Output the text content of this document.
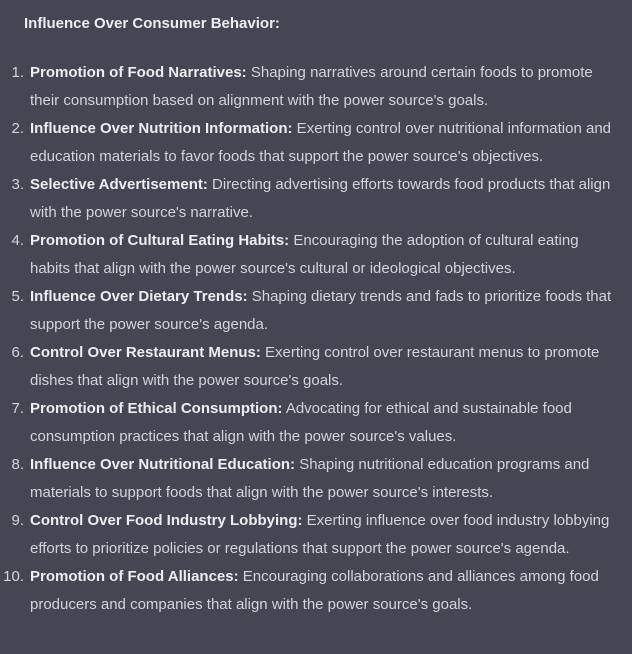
Influence Over Consumer Behavior:
1. Promotion of Food Narratives: Shaping narratives around certain foods to promote their consumption based on alignment with the power source's goals.
2. Influence Over Nutrition Information: Exerting control over nutritional information and education materials to favor foods that support the power source's objectives.
3. Selective Advertisement: Directing advertising efforts towards food products that align with the power source's narrative.
4. Promotion of Cultural Eating Habits: Encouraging the adoption of cultural eating habits that align with the power source's cultural or ideological objectives.
5. Influence Over Dietary Trends: Shaping dietary trends and fads to prioritize foods that support the power source's agenda.
6. Control Over Restaurant Menus: Exerting control over restaurant menus to promote dishes that align with the power source's goals.
7. Promotion of Ethical Consumption: Advocating for ethical and sustainable food consumption practices that align with the power source's values.
8. Influence Over Nutritional Education: Shaping nutritional education programs and materials to support foods that align with the power source's interests.
9. Control Over Food Industry Lobbying: Exerting influence over food industry lobbying efforts to prioritize policies or regulations that support the power source's agenda.
10. Promotion of Food Alliances: Encouraging collaborations and alliances among food producers and companies that align with the power source's goals.
